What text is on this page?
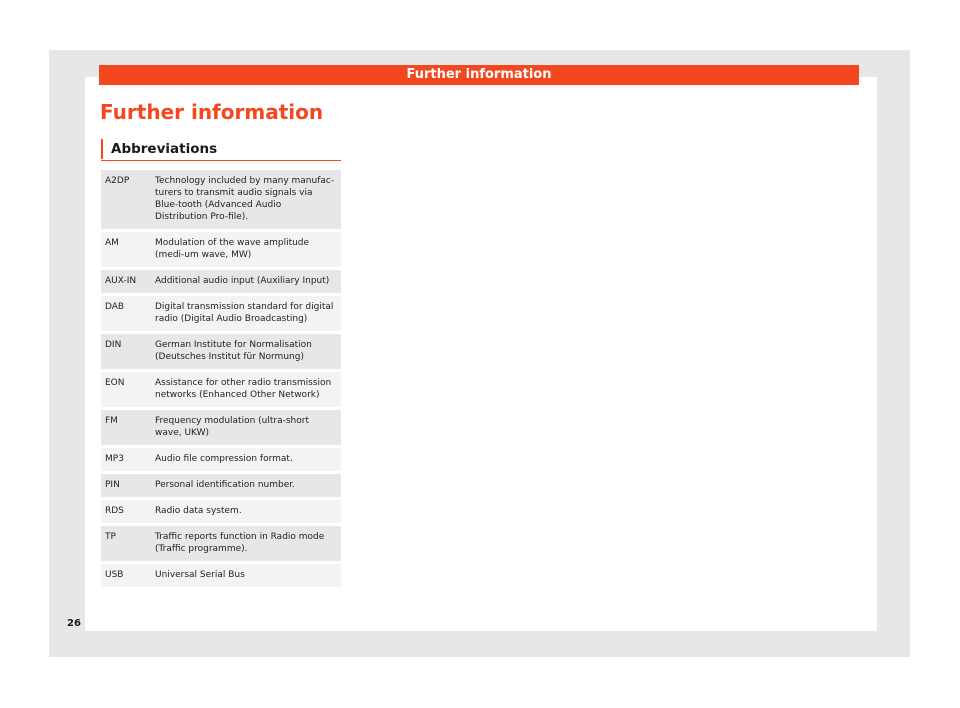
Further information
Further information
Abbreviations
A2DP	Technology included by many manufac-turers to transmit audio signals via Blue-tooth (Advanced Audio Distribution Pro-file).
AM	Modulation of the wave amplitude (medi-um wave, MW)
AUX-IN	Additional audio input (Auxiliary Input)
DAB	Digital transmission standard for digital radio (Digital Audio Broadcasting)
DIN	German Institute for Normalisation (Deutsches Institut für Normung)
EON	Assistance for other radio transmission networks (Enhanced Other Network)
FM	Frequency modulation (ultra-short wave, UKW)
MP3	Audio file compression format.
PIN	Personal identification number.
RDS	Radio data system.
TP	Traffic reports function in Radio mode (Traffic programme).
USB	Universal Serial Bus
26
